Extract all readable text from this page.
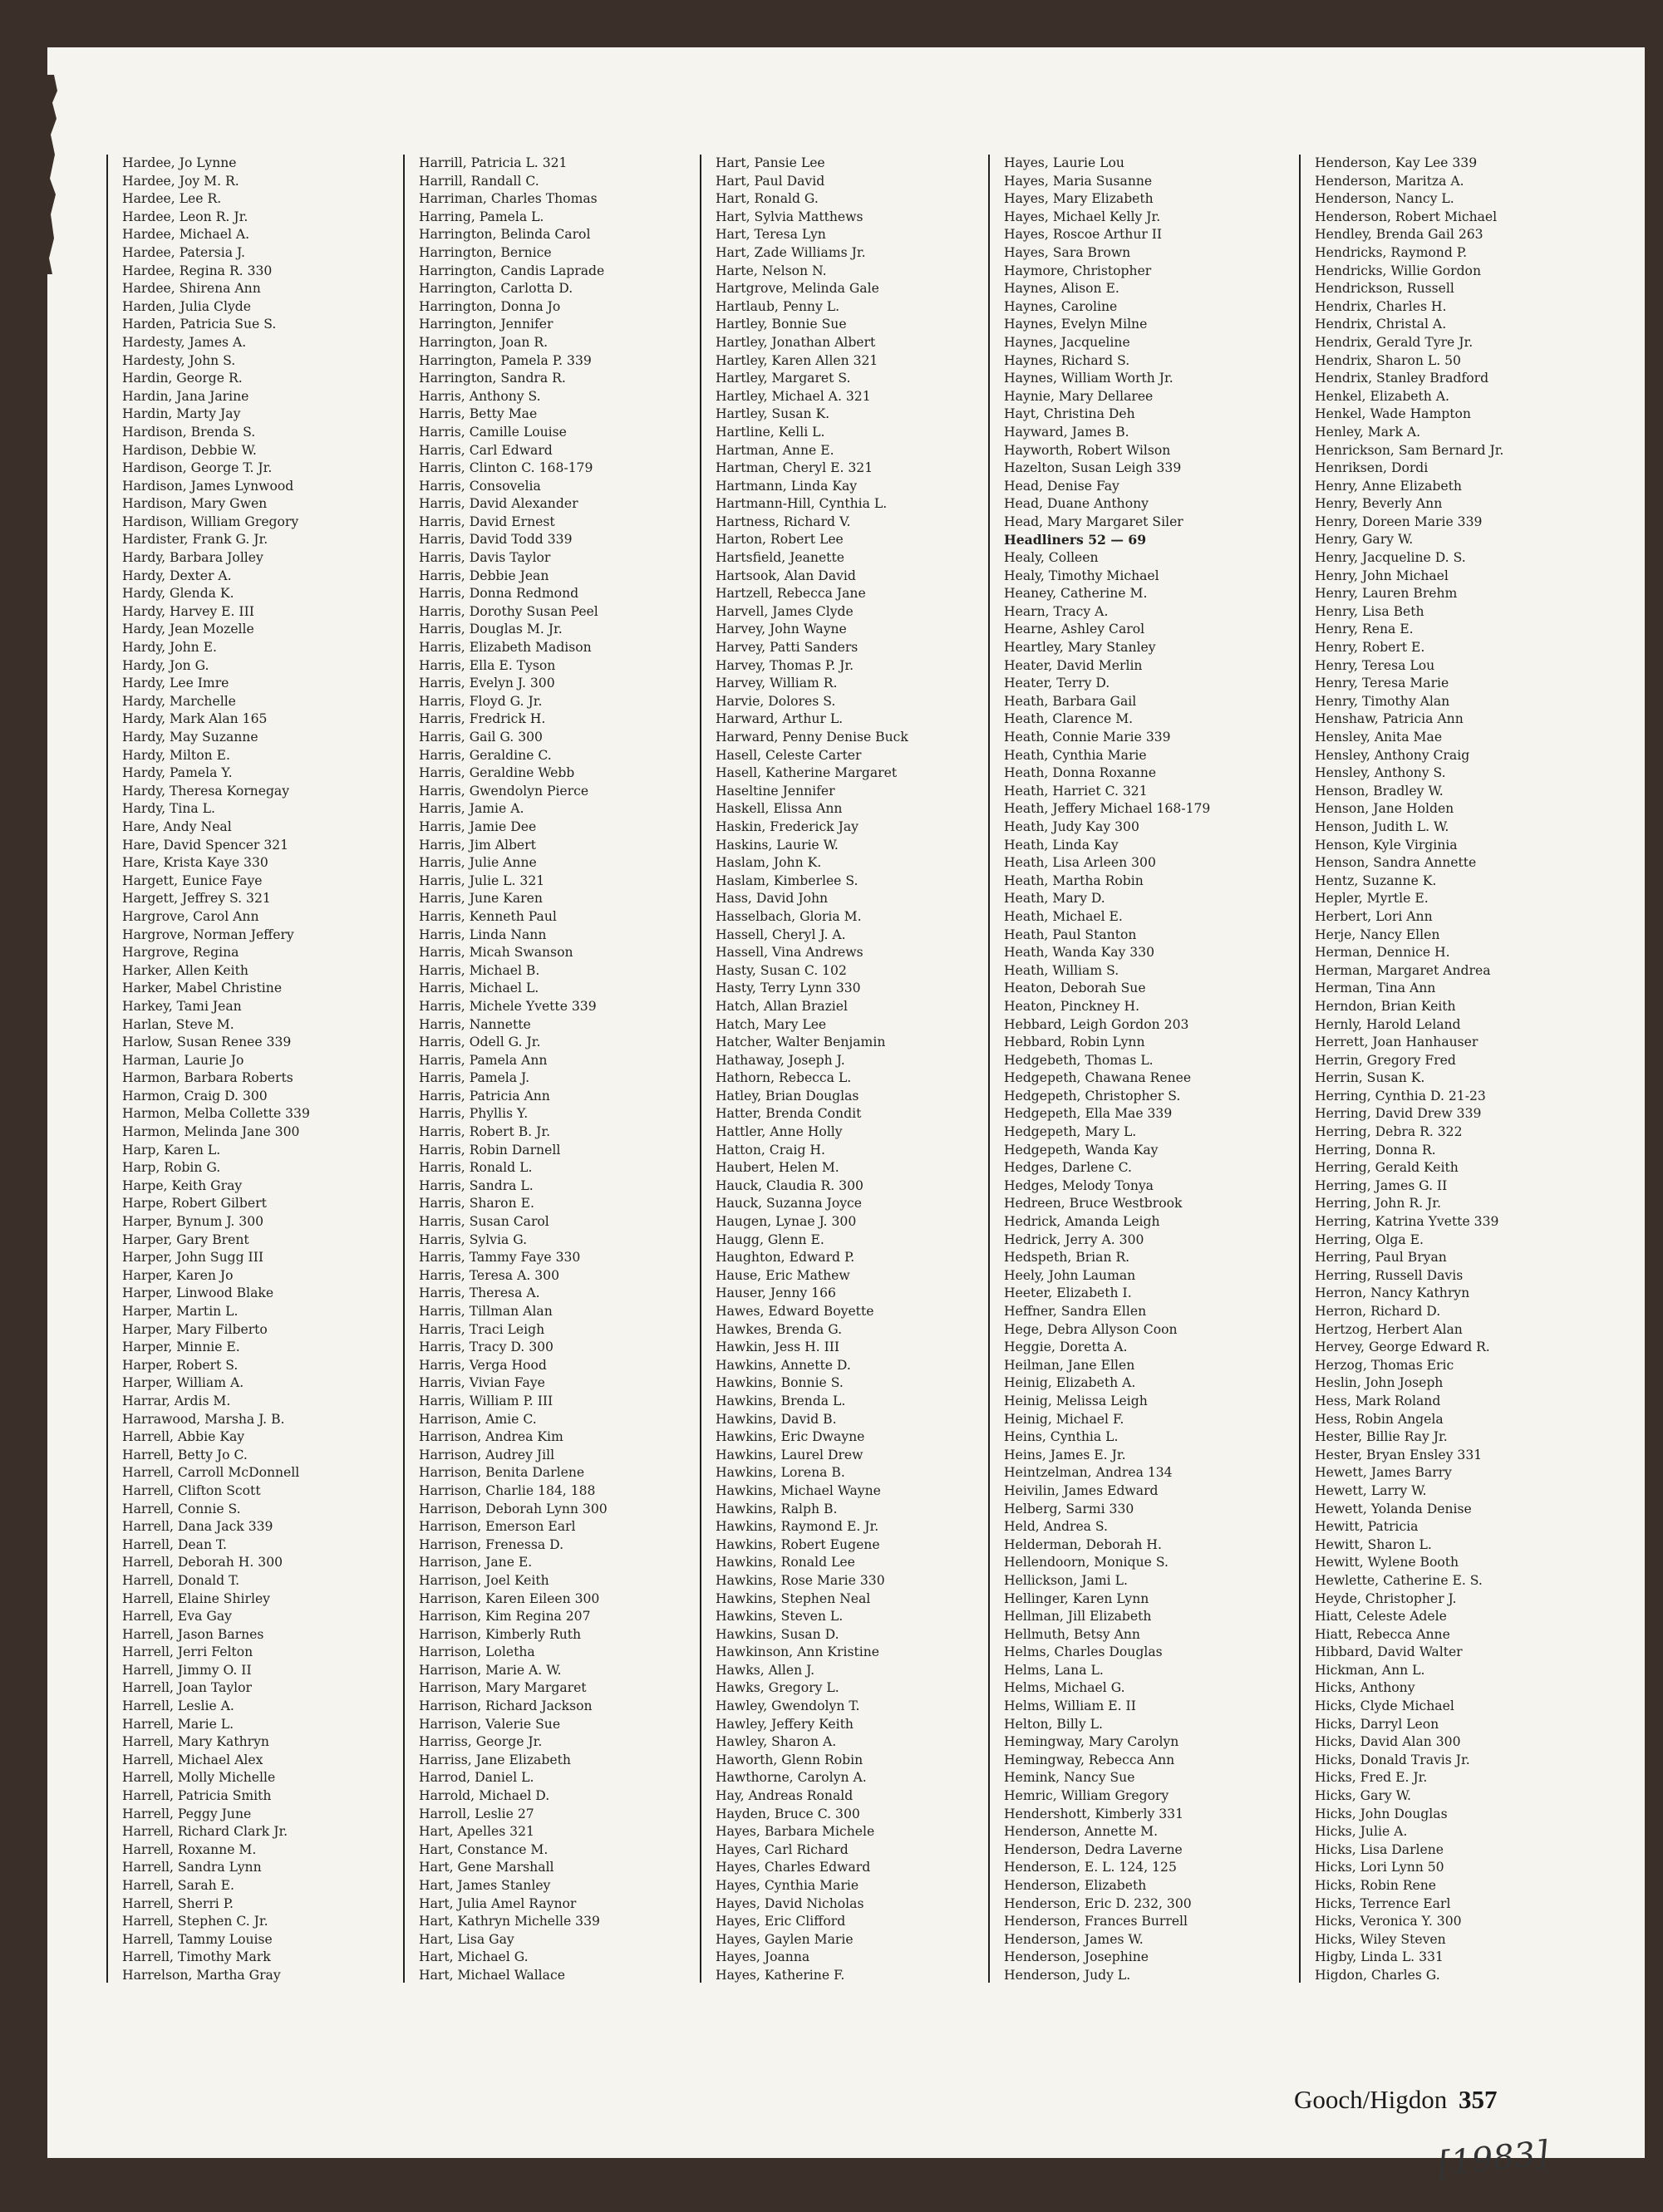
Gooch/Higdon 357
[1983]
Hardee, Jo Lynne
Hardee, Joy M. R.
Hardee, Lee R.
Hardee, Leon R. Jr.
Hardee, Michael A.
Hardee, Patersia J.
Hardee, Regina R. 330
Hardee, Shirena Ann
Harden, Julia Clyde
Harden, Patricia Sue S.
Hardesty, James A.
Hardesty, John S.
Hardin, George R.
Hardin, Jana Jarine
Hardin, Marty Jay
Hardison, Brenda S.
Hardison, Debbie W.
Hardison, George T. Jr.
Hardison, James Lynwood
Hardison, Mary Gwen
Hardison, William Gregory
Hardister, Frank G. Jr.
Hardy, Barbara Jolley
Hardy, Dexter A.
Hardy, Glenda K.
Hardy, Harvey E. III
Hardy, Jean Mozelle
Hardy, John E.
Hardy, Jon G.
Hardy, Lee Imre
Hardy, Marchelle
Hardy, Mark Alan 165
Hardy, May Suzanne
Hardy, Milton E.
Hardy, Pamela Y.
Hardy, Theresa Kornegay
Hardy, Tina L.
Hare, Andy Neal
Hare, David Spencer 321
Hare, Krista Kaye 330
Hargett, Eunice Faye
Hargett, Jeffrey S. 321
Hargrove, Carol Ann
Hargrove, Norman Jeffery
Hargrove, Regina
Harker, Allen Keith
Harker, Mabel Christine
Harkey, Tami Jean
Harlan, Steve M.
Harlow, Susan Renee 339
Harman, Laurie Jo
Harmon, Barbara Roberts
Harmon, Craig D. 300
Harmon, Melba Collette 339
Harmon, Melinda Jane 300
Harp, Karen L.
Harp, Robin G.
Harpe, Keith Gray
Harpe, Robert Gilbert
Harper, Bynum J. 300
Harper, Gary Brent
Harper, John Sugg III
Harper, Karen Jo
Harper, Linwood Blake
Harper, Martin L.
Harper, Mary Filberto
Harper, Minnie E.
Harper, Robert S.
Harper, William A.
Harrar, Ardis M.
Harrawood, Marsha J. B.
Harrell, Abbie Kay
Harrell, Betty Jo C.
Harrell, Carroll McDonnell
Harrell, Clifton Scott
Harrell, Connie S.
Harrell, Dana Jack 339
Harrell, Dean T.
Harrell, Deborah H. 300
Harrell, Donald T.
Harrell, Elaine Shirley
Harrell, Eva Gay
Harrell, Jason Barnes
Harrell, Jerri Felton
Harrell, Jimmy O. II
Harrell, Joan Taylor
Harrell, Leslie A.
Harrell, Marie L.
Harrell, Mary Kathryn
Harrell, Michael Alex
Harrell, Molly Michelle
Harrell, Patricia Smith
Harrell, Peggy June
Harrell, Richard Clark Jr.
Harrell, Roxanne M.
Harrell, Sandra Lynn
Harrell, Sarah E.
Harrell, Sherri P.
Harrell, Stephen C. Jr.
Harrell, Tammy Louise
Harrell, Timothy Mark
Harrelson, Martha Gray
Harrill, Patricia L. 321
Harrill, Randall C.
Harriman, Charles Thomas
Harring, Pamela L.
Harrington, Belinda Carol
Harrington, Bernice
Harrington, Candis Laprade
Harrington, Carlotta D.
Harrington, Donna Jo
Harrington, Jennifer
Harrington, Joan R.
Harrington, Pamela P. 339
Harrington, Sandra R.
Harris, Anthony S.
Harris, Betty Mae
Harris, Camille Louise
Harris, Carl Edward
Harris, Clinton C. 168-179
Harris, Consovelia
Harris, David Alexander
Harris, David Ernest
Harris, David Todd 339
Harris, Davis Taylor
Harris, Debbie Jean
Harris, Donna Redmond
Harris, Dorothy Susan Peel
Harris, Douglas M. Jr.
Harris, Elizabeth Madison
Harris, Ella E. Tyson
Harris, Evelyn J. 300
Harris, Floyd G. Jr.
Harris, Fredrick H.
Harris, Gail G. 300
Harris, Geraldine C.
Harris, Geraldine Webb
Harris, Gwendolyn Pierce
Harris, Jamie A.
Harris, Jamie Dee
Harris, Jim Albert
Harris, Julie Anne
Harris, Julie L. 321
Harris, June Karen
Harris, Kenneth Paul
Harris, Linda Nann
Harris, Micah Swanson
Harris, Michael B.
Harris, Michael L.
Harris, Michele Yvette 339
Harris, Nannette
Harris, Odell G. Jr.
Harris, Pamela Ann
Harris, Pamela J.
Harris, Patricia Ann
Harris, Phyllis Y.
Harris, Robert B. Jr.
Harris, Robin Darnell
Harris, Ronald L.
Harris, Sandra L.
Harris, Sharon E.
Harris, Susan Carol
Harris, Sylvia G.
Harris, Tammy Faye 330
Harris, Teresa A. 300
Harris, Theresa A.
Harris, Tillman Alan
Harris, Traci Leigh
Harris, Tracy D. 300
Harris, Verga Hood
Harris, Vivian Faye
Harris, William P. III
Harrison, Amie C.
Harrison, Andrea Kim
Harrison, Audrey Jill
Harrison, Benita Darlene
Harrison, Charlie 184, 188
Harrison, Deborah Lynn 300
Harrison, Emerson Earl
Harrison, Frenessa D.
Harrison, Jane E.
Harrison, Joel Keith
Harrison, Karen Eileen 300
Harrison, Kim Regina 207
Harrison, Kimberly Ruth
Harrison, Loletha
Harrison, Marie A. W.
Harrison, Mary Margaret
Harrison, Richard Jackson
Harrison, Valerie Sue
Harriss, George Jr.
Harriss, Jane Elizabeth
Harrod, Daniel L.
Harrold, Michael D.
Harroll, Leslie 27
Hart, Apelles 321
Hart, Constance M.
Hart, Gene Marshall
Hart, James Stanley
Hart, Julia Amel Raynor
Hart, Kathryn Michelle 339
Hart, Lisa Gay
Hart, Michael G.
Hart, Michael Wallace
Hart, Pansie Lee
Hart, Paul David
Hart, Ronald G.
Hart, Sylvia Matthews
Hart, Teresa Lyn
Hart, Zade Williams Jr.
Harte, Nelson N.
Hartgrove, Melinda Gale
Hartlaub, Penny L.
Hartley, Bonnie Sue
Hartley, Jonathan Albert
Hartley, Karen Allen 321
Hartley, Margaret S.
Hartley, Michael A. 321
Hartley, Susan K.
Hartline, Kelli L.
Hartman, Anne E.
Hartman, Cheryl E. 321
Hartmann, Linda Kay
Hartmann-Hill, Cynthia L.
Hartness, Richard V.
Harton, Robert Lee
Hartsfield, Jeanette
Hartsook, Alan David
Hartzell, Rebecca Jane
Harvell, James Clyde
Harvey, John Wayne
Harvey, Patti Sanders
Harvey, Thomas P. Jr.
Harvey, William R.
Harvie, Dolores S.
Harward, Arthur L.
Harward, Penny Denise Buck
Hasell, Celeste Carter
Hasell, Katherine Margaret
Haseltine Jennifer
Haskell, Elissa Ann
Haskin, Frederick Jay
Haskins, Laurie W.
Haslam, John K.
Haslam, Kimberlee S.
Hass, David John
Hasselbach, Gloria M.
Hassell, Cheryl J. A.
Hassell, Vina Andrews
Hasty, Susan C. 102
Hasty, Terry Lynn 330
Hatch, Allan Braziel
Hatch, Mary Lee
Hatcher, Walter Benjamin
Hathaway, Joseph J.
Hathorn, Rebecca L.
Hatley, Brian Douglas
Hatter, Brenda Condit
Hattler, Anne Holly
Hatton, Craig H.
Haubert, Helen M.
Hauck, Claudia R. 300
Hauck, Suzanna Joyce
Haugen, Lynae J. 300
Haugg, Glenn E.
Haughton, Edward P.
Hause, Eric Mathew
Hauser, Jenny 166
Hawes, Edward Boyette
Hawkes, Brenda G.
Hawkin, Jess H. III
Hawkins, Annette D.
Hawkins, Bonnie S.
Hawkins, Brenda L.
Hawkins, David B.
Hawkins, Eric Dwayne
Hawkins, Laurel Drew
Hawkins, Lorena B.
Hawkins, Michael Wayne
Hawkins, Ralph B.
Hawkins, Raymond E. Jr.
Hawkins, Robert Eugene
Hawkins, Ronald Lee
Hawkins, Rose Marie 330
Hawkins, Stephen Neal
Hawkins, Steven L.
Hawkins, Susan D.
Hawkinson, Ann Kristine
Hawks, Allen J.
Hawks, Gregory L.
Hawley, Gwendolyn T.
Hawley, Jeffery Keith
Hawley, Sharon A.
Haworth, Glenn Robin
Hawthorne, Carolyn A.
Hay, Andreas Ronald
Hayden, Bruce C. 300
Hayes, Barbara Michele
Hayes, Carl Richard
Hayes, Charles Edward
Hayes, Cynthia Marie
Hayes, David Nicholas
Hayes, Eric Clifford
Hayes, Gaylen Marie
Hayes, Joanna
Hayes, Katherine F.
Hayes, Laurie Lou
Hayes, Maria Susanne
Hayes, Mary Elizabeth
Hayes, Michael Kelly Jr.
Hayes, Roscoe Arthur II
Hayes, Sara Brown
Haymore, Christopher
Haynes, Alison E.
Haynes, Caroline
Haynes, Evelyn Milne
Haynes, Jacqueline
Haynes, Richard S.
Haynes, William Worth Jr.
Haynie, Mary Dellaree
Hayt, Christina Deh
Hayward, James B.
Hayworth, Robert Wilson
Hazelton, Susan Leigh 339
Head, Denise Fay
Head, Duane Anthony
Head, Mary Margaret Siler
Headliners 52 — 69
Healy, Colleen
Healy, Timothy Michael
Heaney, Catherine M.
Hearn, Tracy A.
Hearne, Ashley Carol
Heartley, Mary Stanley
Heater, David Merlin
Heater, Terry D.
Heath, Barbara Gail
Heath, Clarence M.
Heath, Connie Marie 339
Heath, Cynthia Marie
Heath, Donna Roxanne
Heath, Harriet C. 321
Heath, Jeffery Michael 168-179
Heath, Judy Kay 300
Heath, Linda Kay
Heath, Lisa Arleen 300
Heath, Martha Robin
Heath, Mary D.
Heath, Michael E.
Heath, Paul Stanton
Heath, Wanda Kay 330
Heath, William S.
Heaton, Deborah Sue
Heaton, Pinckney H.
Hebbard, Leigh Gordon 203
Hebbard, Robin Lynn
Hedgebeth, Thomas L.
Hedgepeth, Chawana Renee
Hedgepeth, Christopher S.
Hedgepeth, Ella Mae 339
Hedgepeth, Mary L.
Hedgepeth, Wanda Kay
Hedges, Darlene C.
Hedges, Melody Tonya
Hedreen, Bruce Westbrook
Hedrick, Amanda Leigh
Hedrick, Jerry A. 300
Hedspeth, Brian R.
Heely, John Lauman
Heeter, Elizabeth I.
Heffner, Sandra Ellen
Hege, Debra Allyson Coon
Heggie, Doretta A.
Heilman, Jane Ellen
Heinig, Elizabeth A.
Heinig, Melissa Leigh
Heinig, Michael F.
Heins, Cynthia L.
Heins, James E. Jr.
Heintzelman, Andrea 134
Heivilin, James Edward
Helberg, Sarmi 330
Held, Andrea S.
Helderman, Deborah H.
Hellendoorn, Monique S.
Hellickson, Jami L.
Hellinger, Karen Lynn
Hellman, Jill Elizabeth
Hellmuth, Betsy Ann
Helms, Charles Douglas
Helms, Lana L.
Helms, Michael G.
Helms, William E. II
Helton, Billy L.
Hemingway, Mary Carolyn
Hemingway, Rebecca Ann
Hemink, Nancy Sue
Hemric, William Gregory
Hendershott, Kimberly 331
Henderson, Annette M.
Henderson, Dedra Laverne
Henderson, E. L. 124, 125
Henderson, Elizabeth
Henderson, Eric D. 232, 300
Henderson, Frances Burrell
Henderson, James W.
Henderson, Josephine
Henderson, Judy L.
Henderson, Kay Lee 339
Henderson, Maritza A.
Henderson, Nancy L.
Henderson, Robert Michael
Hendley, Brenda Gail 263
Hendricks, Raymond P.
Hendricks, Willie Gordon
Hendrickson, Russell
Hendrix, Charles H.
Hendrix, Christal A.
Hendrix, Gerald Tyre Jr.
Hendrix, Sharon L. 50
Hendrix, Stanley Bradford
Henkel, Elizabeth A.
Henkel, Wade Hampton
Henley, Mark A.
Henrickson, Sam Bernard Jr.
Henriksen, Dordi
Henry, Anne Elizabeth
Henry, Beverly Ann
Henry, Doreen Marie 339
Henry, Gary W.
Henry, Jacqueline D. S.
Henry, John Michael
Henry, Lauren Brehm
Henry, Lisa Beth
Henry, Rena E.
Henry, Robert E.
Henry, Teresa Lou
Henry, Teresa Marie
Henry, Timothy Alan
Henshaw, Patricia Ann
Hensley, Anita Mae
Hensley, Anthony Craig
Hensley, Anthony S.
Henson, Bradley W.
Henson, Jane Holden
Henson, Judith L. W.
Henson, Kyle Virginia
Henson, Sandra Annette
Hentz, Suzanne K.
Hepler, Myrtle E.
Herbert, Lori Ann
Herje, Nancy Ellen
Herman, Dennice H.
Herman, Margaret Andrea
Herman, Tina Ann
Herndon, Brian Keith
Hernly, Harold Leland
Herrett, Joan Hanhauser
Herrin, Gregory Fred
Herrin, Susan K.
Herring, Cynthia D. 21-23
Herring, David Drew 339
Herring, Debra R. 322
Herring, Donna R.
Herring, Gerald Keith
Herring, James G. II
Herring, John R. Jr.
Herring, Katrina Yvette 339
Herring, Olga E.
Herring, Paul Bryan
Herring, Russell Davis
Herron, Nancy Kathryn
Herron, Richard D.
Hertzog, Herbert Alan
Hervey, George Edward R.
Herzog, Thomas Eric
Heslin, John Joseph
Hess, Mark Roland
Hess, Robin Angela
Hester, Billie Ray Jr.
Hester, Bryan Ensley 331
Hewett, James Barry
Hewett, Larry W.
Hewett, Yolanda Denise
Hewitt, Patricia
Hewitt, Sharon L.
Hewitt, Wylene Booth
Hewlette, Catherine E. S.
Heyde, Christopher J.
Hiatt, Celeste Adele
Hiatt, Rebecca Anne
Hibbard, David Walter
Hickman, Ann L.
Hicks, Anthony
Hicks, Clyde Michael
Hicks, Darryl Leon
Hicks, David Alan 300
Hicks, Donald Travis Jr.
Hicks, Fred E. Jr.
Hicks, Gary W.
Hicks, John Douglas
Hicks, Julie A.
Hicks, Lisa Darlene
Hicks, Lori Lynn 50
Hicks, Robin Rene
Hicks, Terrence Earl
Hicks, Veronica Y. 300
Hicks, Wiley Steven
Higby, Linda L. 331
Higdon, Charles G.
